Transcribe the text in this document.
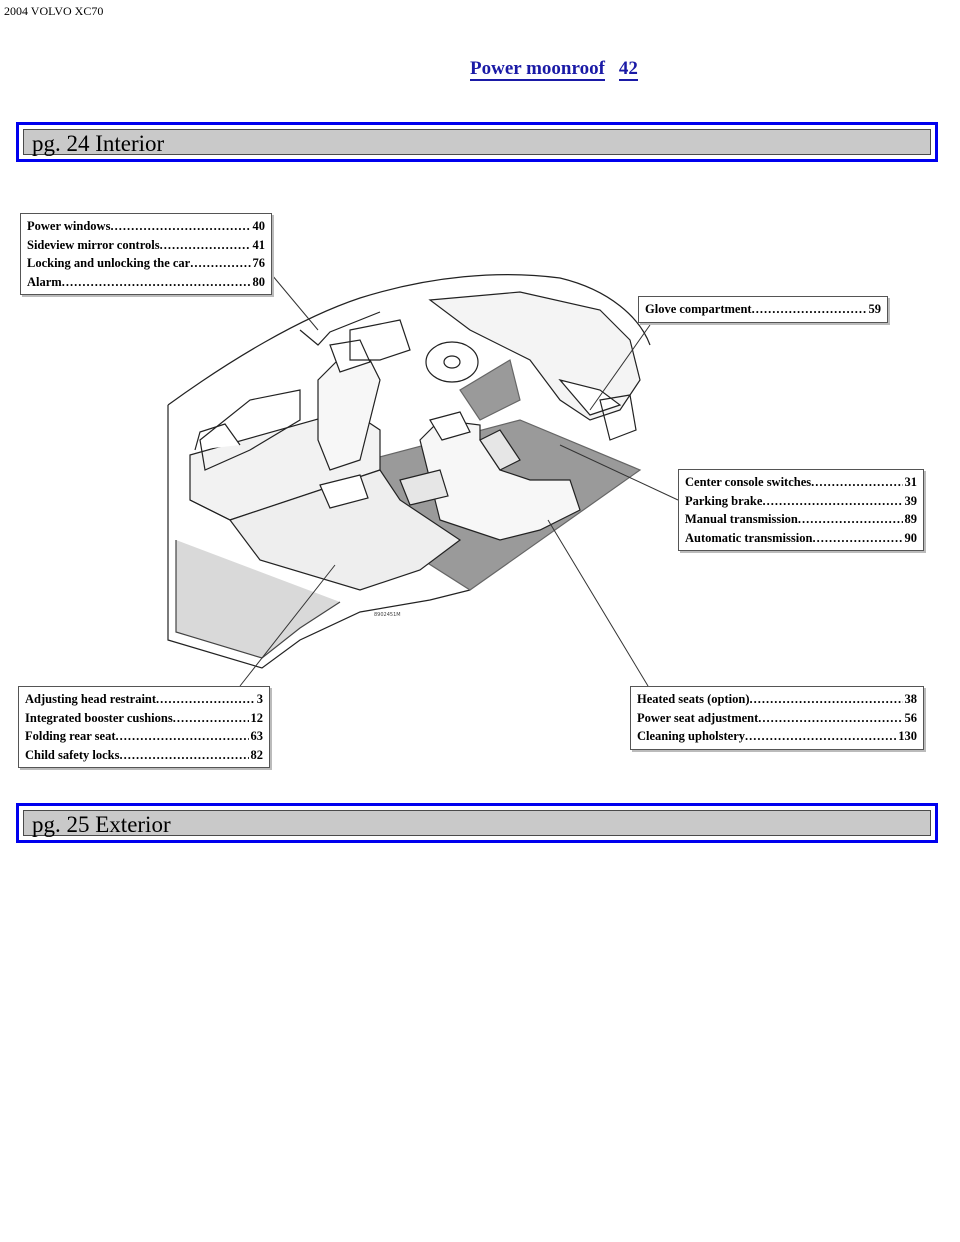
2004 VOLVO XC70
Power moonroof 42
pg. 24 Interior
8902451M
Power windows .....	40
Sideview mirror controls .....	41
Locking and unlocking the car .....	76
Alarm .....	80
Glove compartment .....	59
Center console switches .....	31
Parking brake .....	39
Manual transmission .....	89
Automatic transmission .....	90
Adjusting head restraint .....	3
Integrated booster cushions .....	12
Folding rear seat .....	63
Child safety locks .....	82
Heated seats (option) .....	38
Power seat adjustment .....	56
Cleaning upholstery .....	130
pg. 25 Exterior
